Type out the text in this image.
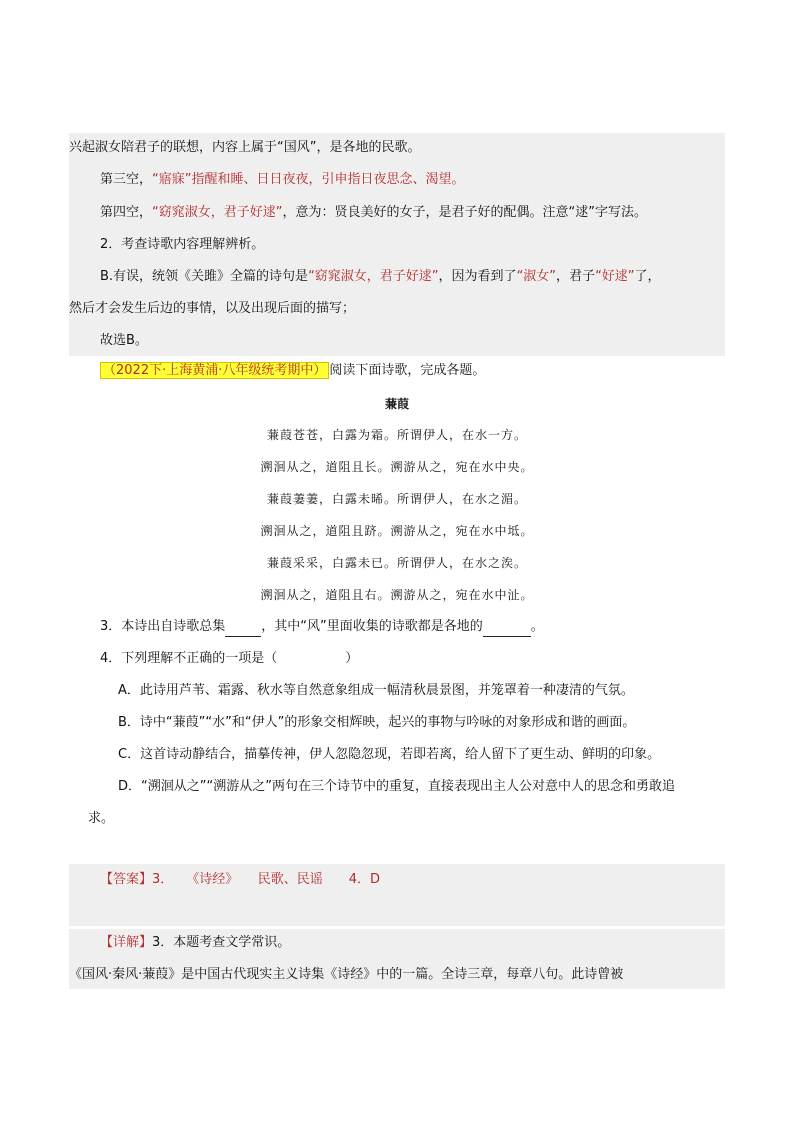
兴起淑女陪君子的联想，内容上属于“国风”，是各地的民歌。
第三空，“寤寐”指醒和睡、日日夜夜，引申指日夜思念、渴望。
第四空，“窈窕淑女，君子好逑”，意为：贤良美好的女子，是君子好的配偶。注意“逑”字写法。
2．考查诗歌内容理解辨析。
B.有误，统领《关雎》全篇的诗句是“窈窕淑女，君子好逑”，因为看到了“淑女”，君子“好逑”了，
然后才会发生后边的事情，以及出现后面的描写；
故选B。
（2022下·上海黄浦·八年级统考期中） 阅读下面诗歌，完成各题。
蒹葭
蒹葭苍苍，白露为霜。所谓伊人，在水一方。
溯洄从之，道阻且长。溯游从之，宛在水中央。
蒹葭萋萋，白露未晞。所谓伊人，在水之湄。
溯洄从之，道阻且跻。溯游从之，宛在水中坻。
蒹葭采采，白露未已。所谓伊人，在水之涘。
溯洄从之，道阻且右。溯游从之，宛在水中沚。
3．本诗出自诗歌总集	，其中“风”里面收集的诗歌都是各地的	。
4．下列理解不正确的一项是（	）
A．此诗用芦苇、霜露、秋水等自然意象组成一幅清秋晨景图，并笼罩着一种凄清的气氛。
B．诗中“蒹葭”“水”和“伊人”的形象交相辉映，起兴的事物与吟咏的对象形成和谐的画面。
C．这首诗动静结合，描摹传神，伊人忽隐忽现，若即若离，给人留下了更生动、鲜明的印象。
D．“溯洄从之”“溯游从之”两句在三个诗节中的重复，直接表现出主人公对意中人的思念和勇敢追
求。
【答案】3．　　《诗经》　　民歌、民谣　　4．D
【详解】3．本题考查文学常识。
《国风·秦风·蒹葭》是中国古代现实主义诗集《诗经》中的一篇。全诗三章，每章八句。此诗曾被
